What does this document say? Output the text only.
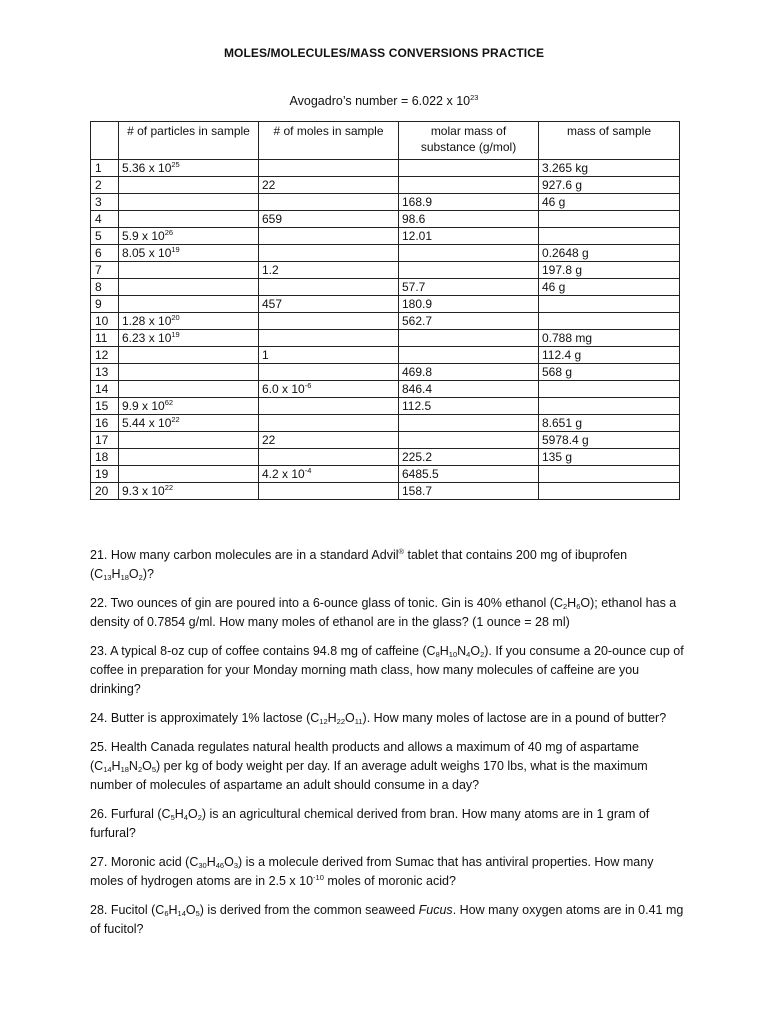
MOLES/MOLECULES/MASS CONVERSIONS PRACTICE
Avogadro’s number = 6.022 x $10^{23}$
	# of particles in sample	# of moles in sample	molar mass of substance (g/mol)	mass of sample
1	5.36 x $10^{25}$			3.265 kg
2		22		927.6 g
3			168.9	46 g
4		659	98.6	
5	5.9 x $10^{26}$		12.01	
6	8.05 x $10^{19}$			0.2648 g
7		1.2		197.8 g
8			57.7	46 g
9		457	180.9	
10	1.28 x $10^{20}$		562.7	
11	6.23 x $10^{19}$			0.788 mg
12		1		112.4 g
13			469.8	568 g
14		6.0 x $10^{-6}$	846.4	
15	9.9 x $10^{62}$		112.5	
16	5.44 x $10^{22}$			8.651 g
17		22		5978.4 g
18			225.2	135 g
19		4.2 x $10^{-4}$	6485.5	
20	9.3 x $10^{22}$		158.7	

21. How many carbon molecules are in a standard Advil® tablet that contains 200 mg of ibuprofen $(C_{13}H_{18}O_2)$?

22. Two ounces of gin are poured into a 6-ounce glass of tonic. Gin is 40% ethanol $(C_2H_6O)$; ethanol has a density of 0.7854 g/ml. How many moles of ethanol are in the glass? (1 ounce = 28 ml)

23. A typical 8-oz cup of coffee contains 94.8 mg of caffeine $(C_8H_{10}N_4O_2)$. If you consume a 20-ounce cup of coffee in preparation for your Monday morning math class, how many molecules of caffeine are you drinking?

24. Butter is approximately 1% lactose $(C_{12}H_{22}O_{11})$. How many moles of lactose are in a pound of butter?

25. Health Canada regulates natural health products and allows a maximum of 40 mg of aspartame $(C_{14}H_{18}N_2O_5)$ per kg of body weight per day. If an average adult weighs 170 lbs, what is the maximum number of molecules of aspartame an adult should consume in a day?

26. Furfural $(C_5H_4O_2)$ is an agricultural chemical derived from bran. How many atoms are in 1 gram of furfural?

27. Moronic acid $(C_{30}H_{46}O_3)$ is a molecule derived from Sumac that has antiviral properties. How many moles of hydrogen atoms are in 2.5 x $10^{-10}$ moles of moronic acid?

28. Fucitol $(C_6H_{14}O_5)$ is derived from the common seaweed Fucus. How many oxygen atoms are in 0.41 mg of fucitol?
